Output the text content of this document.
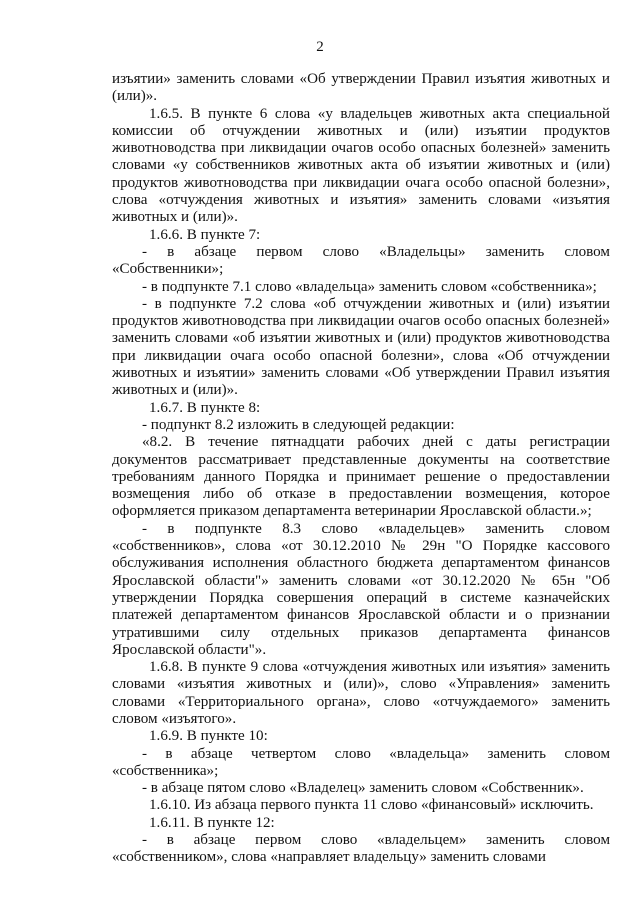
2

изъятии» заменить словами «Об утверждении Правил изъятия животных и (или)».

1.6.5. В пункте 6 слова «у владельцев животных акта специальной комиссии об отчуждении животных и (или) изъятии продуктов животноводства при ликвидации очагов особо опасных болезней» заменить словами «у собственников животных акта об изъятии животных и (или) продуктов животноводства при ликвидации очага особо опасной болезни», слова «отчуждения животных и изъятия» заменить словами «изъятия животных и (или)».

1.6.6. В пункте 7:

- в абзаце первом слово «Владельцы» заменить словом «Собственники»;

- в подпункте 7.1 слово «владельца» заменить словом «собственника»;

- в подпункте 7.2 слова «об отчуждении животных и (или) изъятии продуктов животноводства при ликвидации очагов особо опасных болезней» заменить словами «об изъятии животных и (или) продуктов животноводства при ликвидации очага особо опасной болезни», слова «Об отчуждении животных и изъятии» заменить словами «Об утверждении Правил изъятия животных и (или)».

1.6.7. В пункте 8:

- подпункт 8.2 изложить в следующей редакции:

«8.2. В течение пятнадцати рабочих дней с даты регистрации документов рассматривает представленные документы на соответствие требованиям данного Порядка и принимает решение о предоставлении возмещения либо об отказе в предоставлении возмещения, которое оформляется приказом департамента ветеринарии Ярославской области.»;

- в подпункте 8.3 слово «владельцев» заменить словом «собственников», слова «от 30.12.2010 № 29н "О Порядке кассового обслуживания исполнения областного бюджета департаментом финансов Ярославской области"» заменить словами «от 30.12.2020 № 65н "Об утверждении Порядка совершения операций в системе казначейских платежей департаментом финансов Ярославской области и о признании утратившими силу отдельных приказов департамента финансов Ярославской области"».

1.6.8. В пункте 9 слова «отчуждения животных или изъятия» заменить словами «изъятия животных и (или)», слово «Управления» заменить словами «Территориального органа», слово «отчуждаемого» заменить словом «изъятого».

1.6.9. В пункте 10:

- в абзаце четвертом слово «владельца» заменить словом «собственника»;

- в абзаце пятом слово «Владелец» заменить словом «Собственник».

1.6.10. Из абзаца первого пункта 11 слово «финансовый» исключить.

1.6.11. В пункте 12:

- в абзаце первом слово «владельцем» заменить словом «собственником», слова «направляет владельцу» заменить словами
